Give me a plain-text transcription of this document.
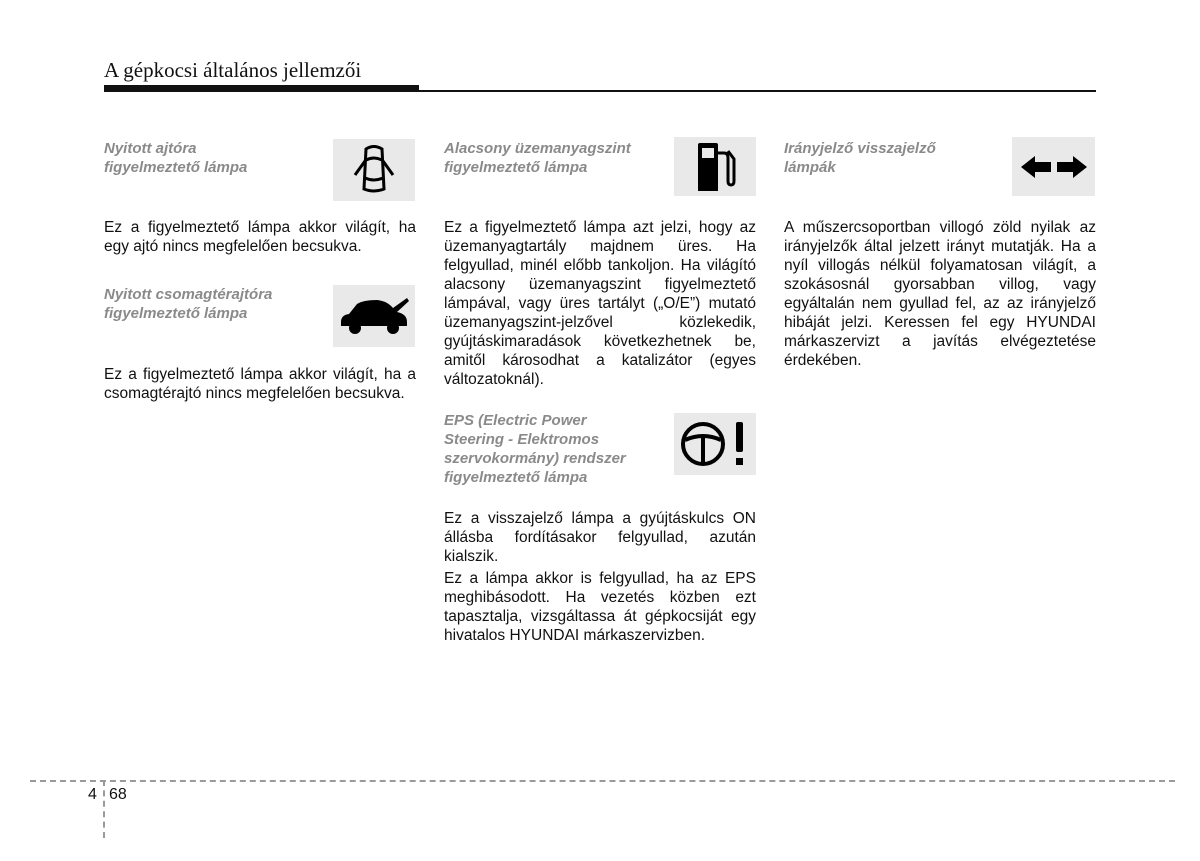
A gépkocsi általános jellemzői
Nyitott ajtóra
figyelmeztető lámpa
Ez a figyelmeztető lámpa akkor világít, ha egy ajtó nincs megfelelően becsukva.
Nyitott csomagtérajtóra
figyelmeztető lámpa
Ez a figyelmeztető lámpa akkor világít, ha a csomagtérajtó nincs megfelelően becsukva.
Alacsony üzemanyagszint
figyelmeztető lámpa
Ez a figyelmeztető lámpa azt jelzi, hogy az üzemanyagtartály majdnem üres. Ha felgyullad, minél előbb tankoljon. Ha világító alacsony üzemanyagszint figyelmeztető lámpával, vagy üres tartályt („O/E”) mutató üzemanyagszint-jelzővel közlekedik, gyújtáskimaradások következhetnek be, amitől károsodhat a katalizátor (egyes változatoknál).
EPS (Electric Power
Steering - Elektromos
szervokormány) rendszer
figyelmeztető lámpa
Ez a visszajelző lámpa a gyújtáskulcs ON állásba fordításakor felgyullad, azután kialszik.
Ez a lámpa akkor is felgyullad, ha az EPS meghibásodott. Ha vezetés közben ezt tapasztalja, vizsgáltassa át gépkocsiját egy hivatalos HYUNDAI márkaszervizben.
Irányjelző visszajelző
lámpák
A műszercsoportban villogó zöld nyilak az irányjelzők által jelzett irányt mutatják. Ha a nyíl villogás nélkül folyamatosan világít, a szokásosnál gyorsabban villog, vagy egyáltalán nem gyullad fel, az az irányjelző hibáját jelzi. Keressen fel egy HYUNDAI márkaszervizt a javítás elvégeztetése érdekében.
4 68
